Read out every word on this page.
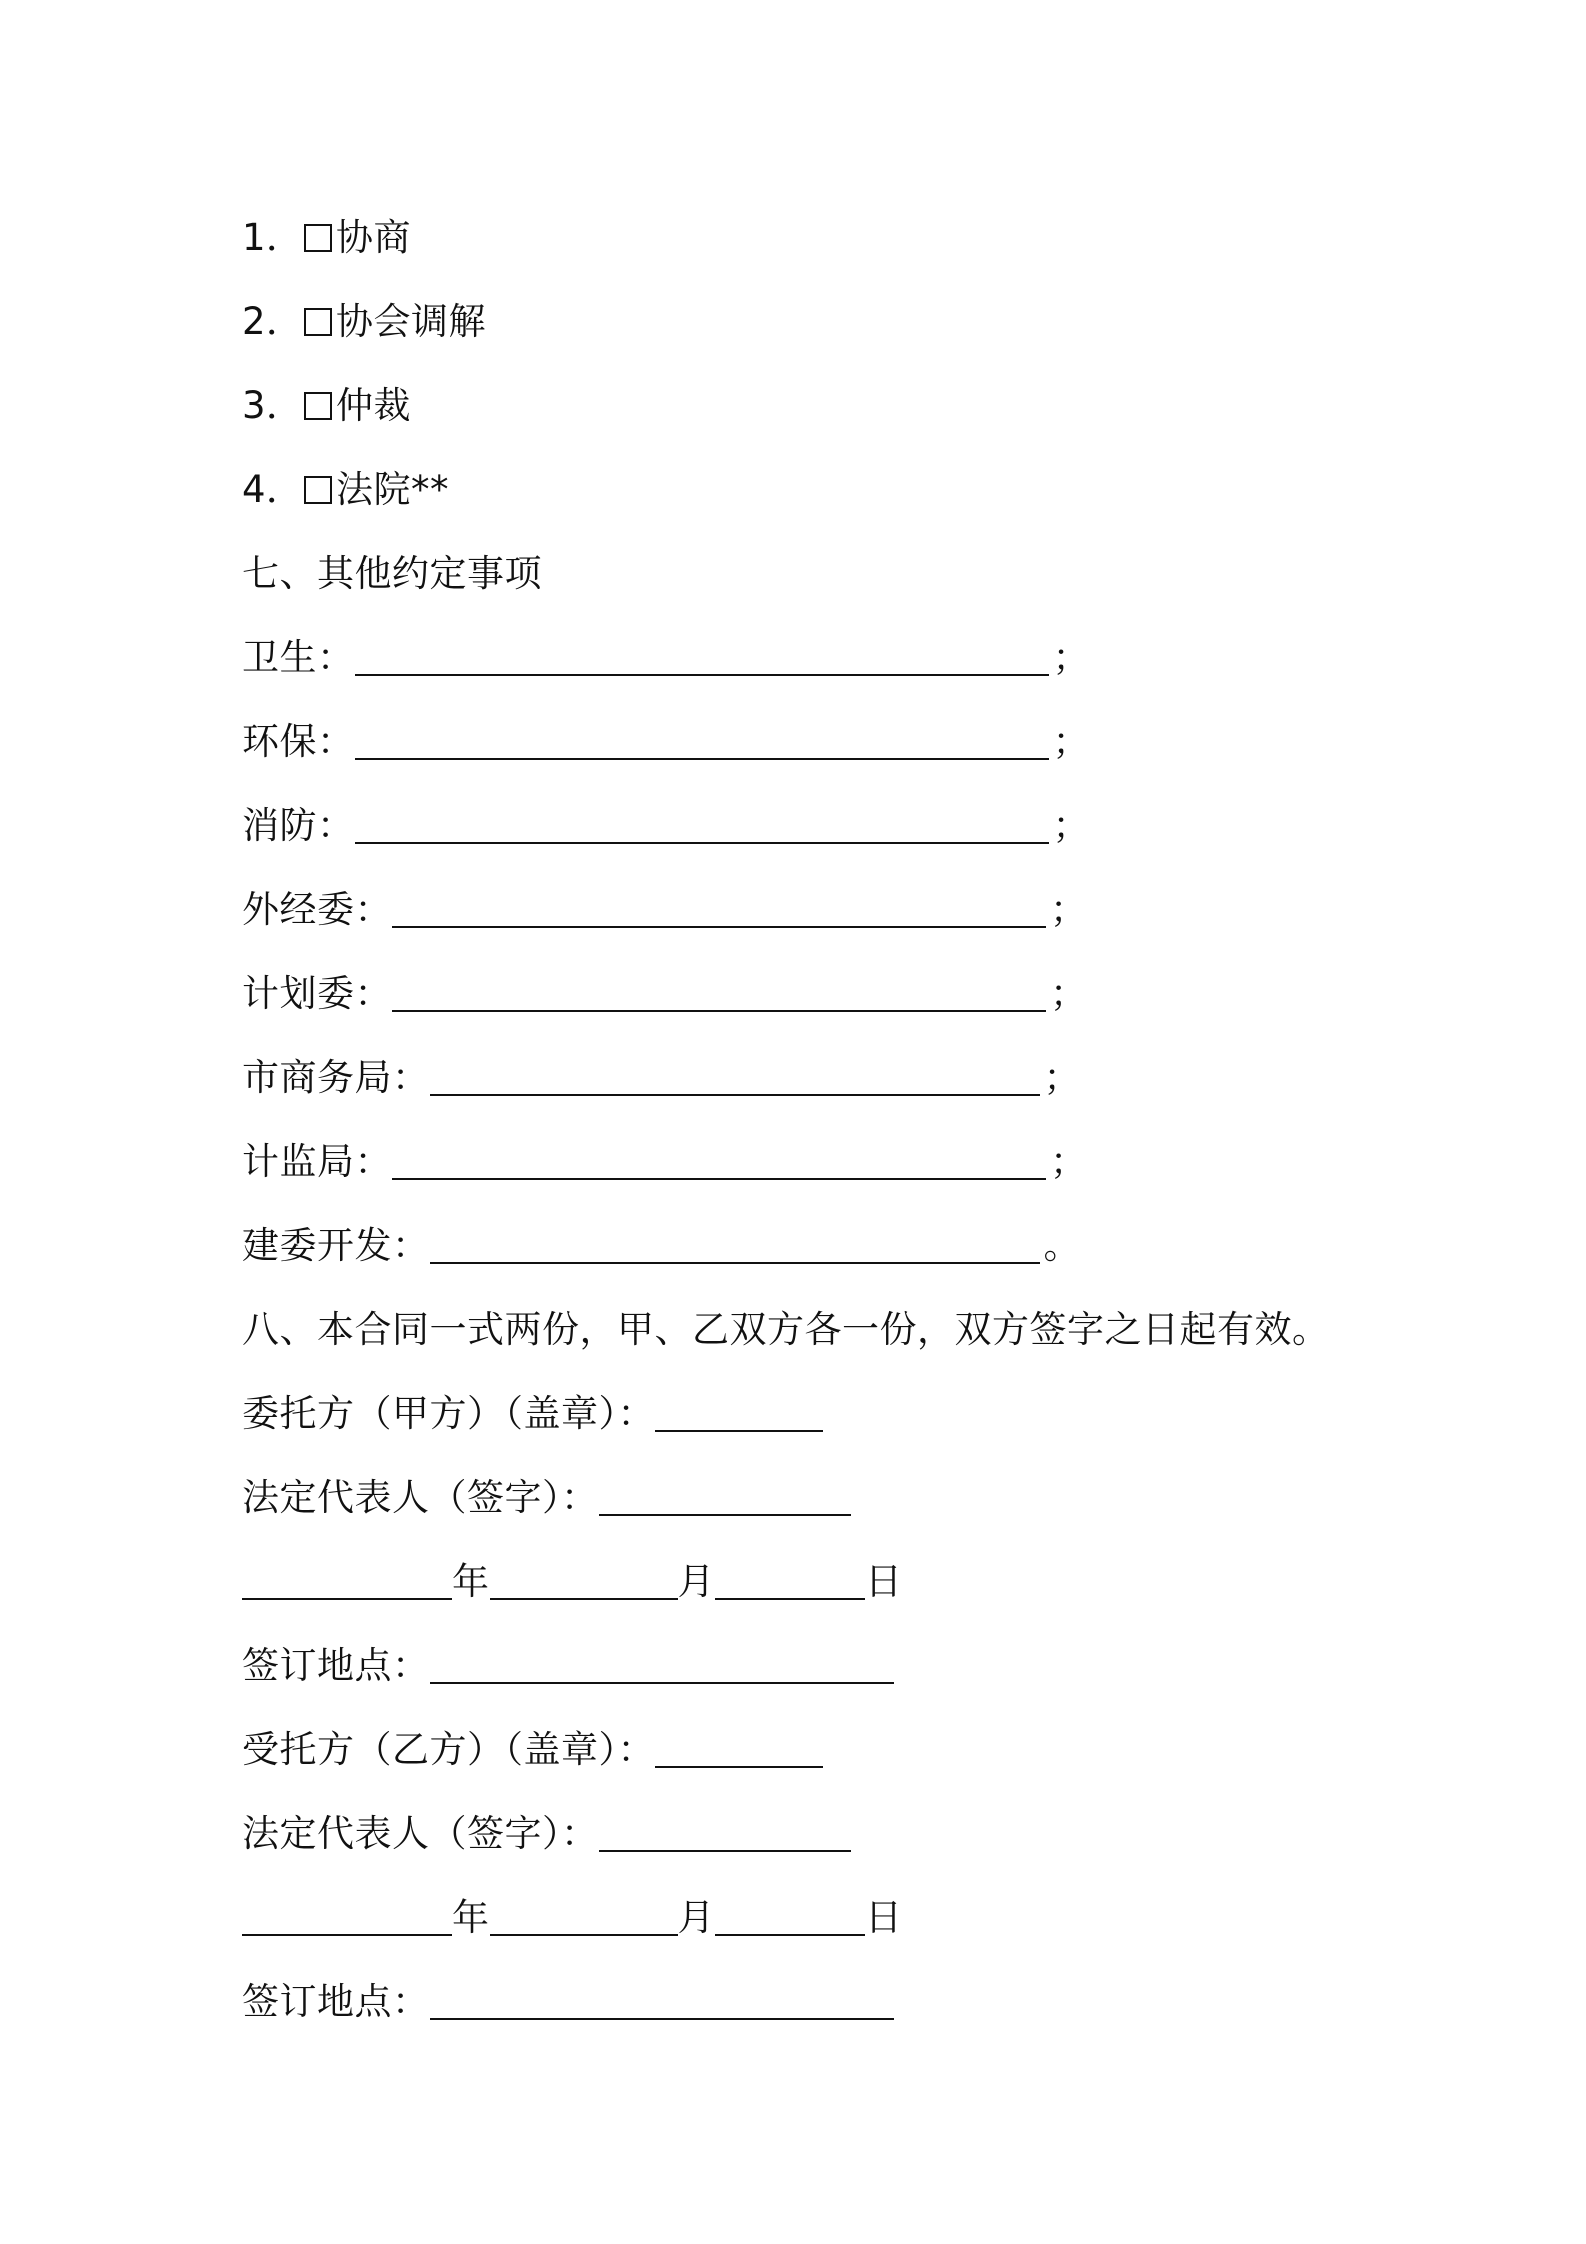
1． 协商
2． 协会调解
3． 仲裁
4． 法院**
七、其他约定事项
卫生：	；
环保：	；
消防：	；
外经委：	；
计划委：	；
市商务局：	；
计监局：	；
建委开发：	。
八、本合同一式两份，甲、乙双方各一份，双方签字之日起有效。
委托方（甲方）（盖章）：
法定代表人（签字）：
年	月	日
签订地点：
受托方（乙方）（盖章）：
法定代表人（签字）：
年	月	日
签订地点：
